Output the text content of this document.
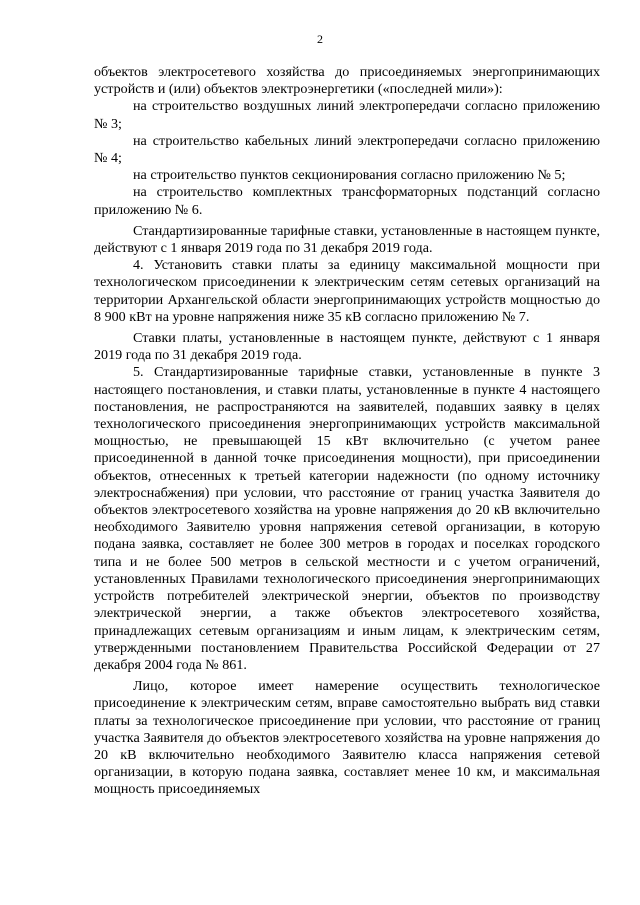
2

объектов электросетевого хозяйства до присоединяемых энергопринимающих устройств и (или) объектов электроэнергетики («последней мили»):

на строительство воздушных линий электропередачи согласно приложению № 3;

на строительство кабельных линий электропередачи согласно приложению № 4;

на строительство пунктов секционирования согласно приложению № 5;

на строительство комплектных трансформаторных подстанций согласно приложению № 6.

Стандартизированные тарифные ставки, установленные в настоящем пункте, действуют с 1 января 2019 года по 31 декабря 2019 года.

4. Установить ставки платы за единицу максимальной мощности при технологическом присоединении к электрическим сетям сетевых организаций на территории Архангельской области энергопринимающих устройств мощностью до 8 900 кВт на уровне напряжения ниже 35 кВ согласно приложению № 7.

Ставки платы, установленные в настоящем пункте, действуют с 1 января 2019 года по 31 декабря 2019 года.

5. Стандартизированные тарифные ставки, установленные в пункте 3 настоящего постановления, и ставки платы, установленные в пункте 4 настоящего постановления, не распространяются на заявителей, подавших заявку в целях технологического присоединения энергопринимающих устройств максимальной мощностью, не превышающей 15 кВт включительно (с учетом ранее присоединенной в данной точке присоединения мощности), при присоединении объектов, отнесенных к третьей категории надежности (по одному источнику электроснабжения) при условии, что расстояние от границ участка Заявителя до объектов электросетевого хозяйства на уровне напряжения до 20 кВ включительно необходимого Заявителю уровня напряжения сетевой организации, в которую подана заявка, составляет не более 300 метров в городах и поселках городского типа и не более 500 метров в сельской местности и с учетом ограничений, установленных Правилами технологического присоединения энергопринимающих устройств потребителей электрической энергии, объектов по производству электрической энергии, а также объектов электросетевого хозяйства, принадлежащих сетевым организациям и иным лицам, к электрическим сетям, утвержденными постановлением Правительства Российской Федерации от 27 декабря 2004 года № 861.

Лицо, которое имеет намерение осуществить технологическое присоединение к электрическим сетям, вправе самостоятельно выбрать вид ставки платы за технологическое присоединение при условии, что расстояние от границ участка Заявителя до объектов электросетевого хозяйства на уровне напряжения до 20 кВ включительно необходимого Заявителю класса напряжения сетевой организации, в которую подана заявка, составляет менее 10 км, и максимальная мощность присоединяемых
